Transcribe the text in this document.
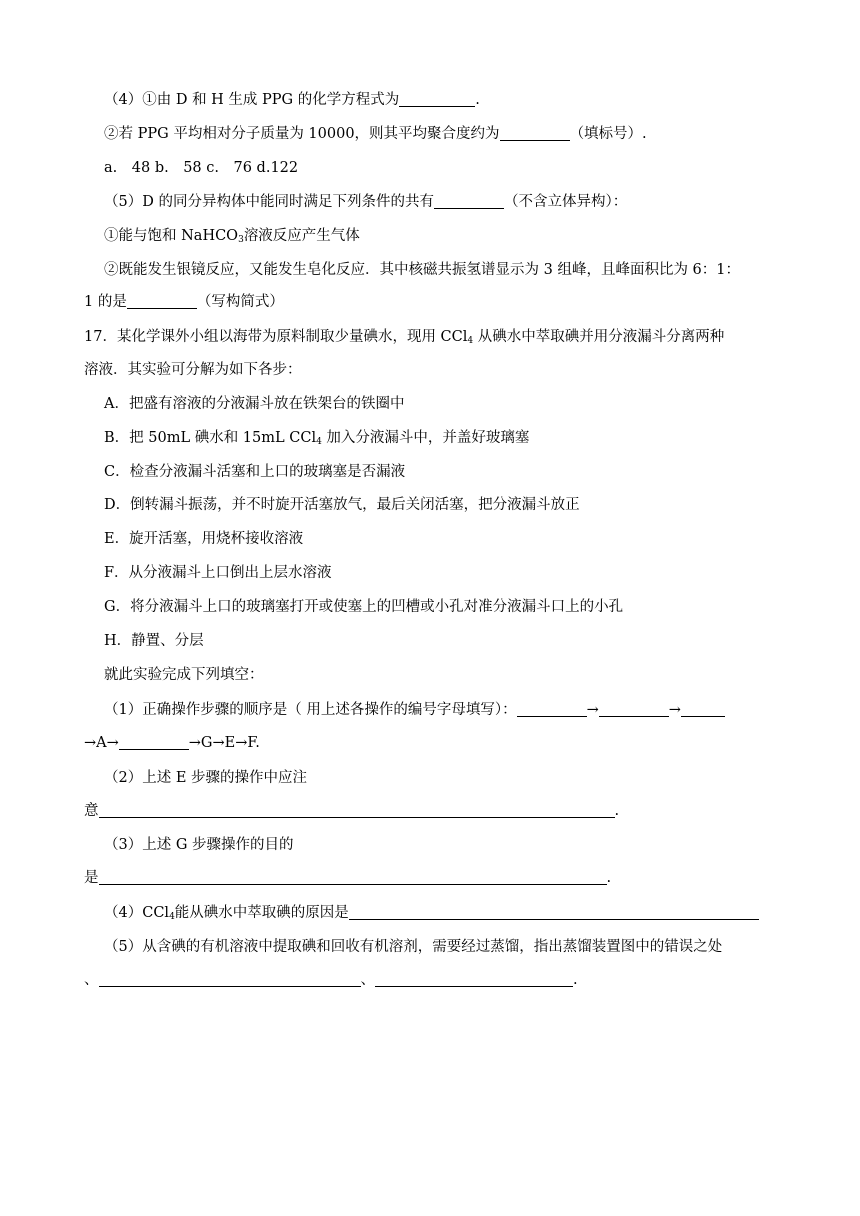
（4）①由 D 和 H 生成 PPG 的化学方程式为	.
②若 PPG 平均相对分子质量为 10000，则其平均聚合度约为	（填标号）.
a.　48 b.　58 c.　76 d.122
（5）D 的同分异构体中能同时满足下列条件的共有	（不含立体异构）：
①能与饱和 NaHCO$_3$溶液反应产生气体
②既能发生银镜反应，又能发生皂化反应．其中核磁共振氢谱显示为 3 组峰，且峰面积比为 6：1：
1 的是	（写构简式）
17．某化学课外小组以海带为原料制取少量碘水，现用 CCl$_4$ 从碘水中萃取碘并用分液漏斗分离两种
溶液．其实验可分解为如下各步：
A．把盛有溶液的分液漏斗放在铁架台的铁圈中
B．把 50mL 碘水和 15mL CCl$_4$ 加入分液漏斗中，并盖好玻璃塞
C．检查分液漏斗活塞和上口的玻璃塞是否漏液
D．倒转漏斗振荡，并不时旋开活塞放气，最后关闭活塞，把分液漏斗放正
E．旋开活塞，用烧杯接收溶液
F．从分液漏斗上口倒出上层水溶液
G．将分液漏斗上口的玻璃塞打开或使塞上的凹槽或小孔对准分液漏斗口上的小孔
H．静置、分层
就此实验完成下列填空：
（1）正确操作步骤的顺序是（ 用上述各操作的编号字母填写）：	→	→
→A→	→G→E→F.
（2）上述 E 步骤的操作中应注
意	.
（3）上述 G 步骤操作的目的
是	.
（4）CCl$_4$能从碘水中萃取碘的原因是
（5）从含碘的有机溶液中提取碘和回收有机溶剂，需要经过蒸馏，指出蒸馏装置图中的错误之处
、	、	.
